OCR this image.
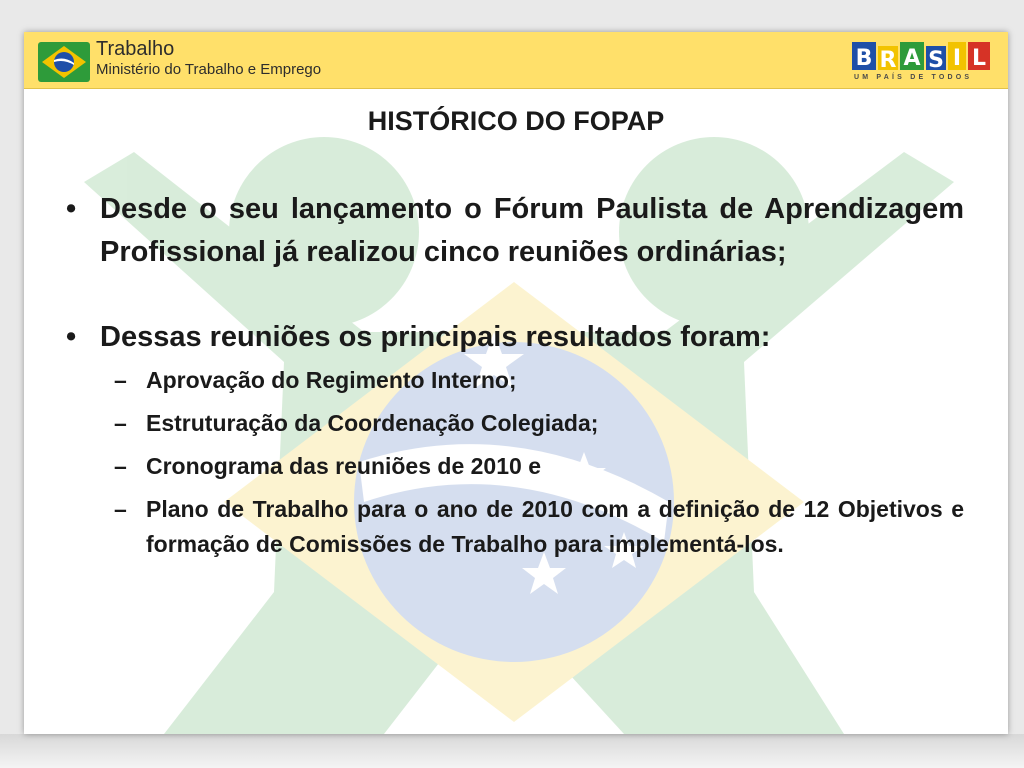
Trabalho
Ministério do Trabalho e Emprego	B R A S I L
UM PAÍS DE TODOS
HISTÓRICO DO FOPAP

• Desde o seu lançamento o Fórum Paulista de Aprendizagem Profissional já realizou cinco reuniões ordinárias;

• Dessas reuniões os principais resultados foram:

– Aprovação do Regimento Interno;

– Estruturação da Coordenação Colegiada;

– Cronograma das reuniões de 2010 e

– Plano de Trabalho para o ano de 2010 com a definição de 12 Objetivos e formação de Comissões de Trabalho para implementá-los.
